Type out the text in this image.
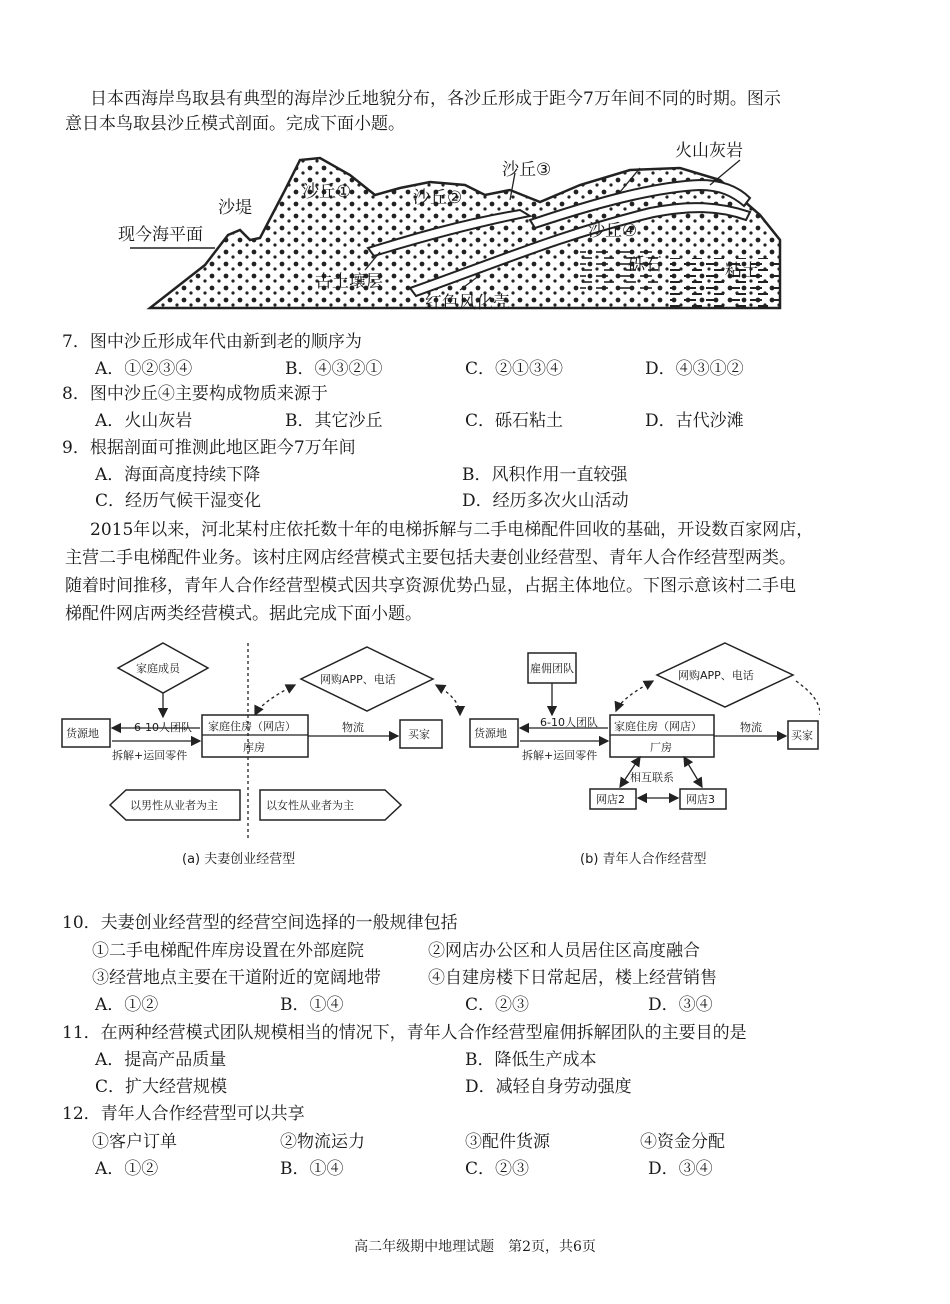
日本西海岸鸟取县有典型的海岸沙丘地貌分布，各沙丘形成于距今7万年间不同的时期。图示
意日本鸟取县沙丘模式剖面。完成下面小题。
火山灰岩
沙丘③
沙堤
沙丘①	沙丘②
现今海平面	沙丘④
砾石	粘土
古土壤层
红色风化壳
7．图中沙丘形成年代由新到老的顺序为
A．①②③④	B．④③②①	C．②①③④	D．④③①②
8．图中沙丘④主要构成物质来源于
A．火山灰岩	B．其它沙丘	C．砾石粘土	D．古代沙滩
9．根据剖面可推测此地区距今7万年间
A．海面高度持续下降	B．风积作用一直较强
C．经历气候干湿变化	D．经历多次火山活动
2015年以来，河北某村庄依托数十年的电梯拆解与二手电梯配件回收的基础，开设数百家网店，
主营二手电梯配件业务。该村庄网店经营模式主要包括夫妻创业经营型、青年人合作经营型两类。
随着时间推移，青年人合作经营型模式因共享资源优势凸显，占据主体地位。下图示意该村二手电
梯配件网店两类经营模式。据此完成下面小题。
家庭成员
网购APP、电话
货源地	6-10人团队
拆解+运回零件
家庭住房（网店）
库房
物流
买家
以男性从业者为主	以女性从业者为主
(a) 夫妻创业经营型
雇佣团队
网购APP、电话
货源地
6-10人团队
拆解+运回零件
家庭住房（网店）
厂房
物流
买家
相互联系
网店2	网店3
(b) 青年人合作经营型
10．夫妻创业经营型的经营空间选择的一般规律包括
①二手电梯配件库房设置在外部庭院	②网店办公区和人员居住区高度融合
③经营地点主要在干道附近的宽阔地带	④自建房楼下日常起居，楼上经营销售
A．①②	B．①④	C．②③	D．③④
11．在两种经营模式团队规模相当的情况下，青年人合作经营型雇佣拆解团队的主要目的是
A．提高产品质量	B．降低生产成本
C．扩大经营规模	D．减轻自身劳动强度
12．青年人合作经营型可以共享
①客户订单	②物流运力	③配件货源	④资金分配
A．①②	B．①④	C．②③	D．③④
高二年级期中地理试题　第2页，共6页
